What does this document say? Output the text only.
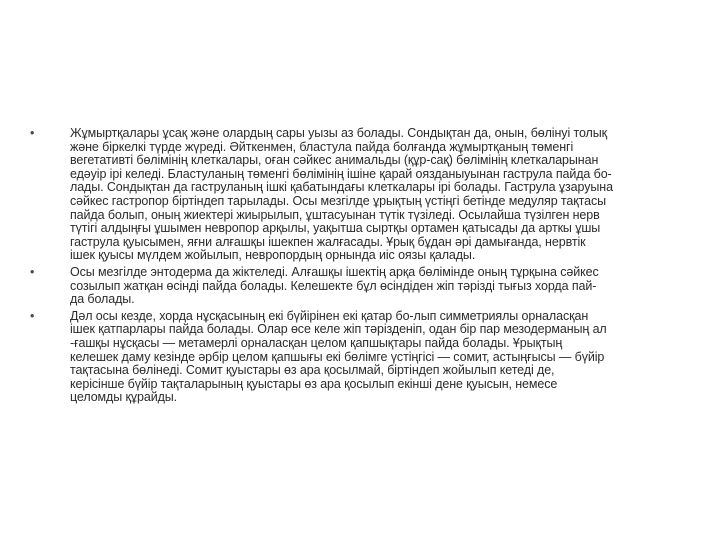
•	Жұмыртқалары ұсақ және олардың сары уызы аз болады. Сондықтан да, онын, бөлінуі толық
және біркелкі түрде жүреді. Әйткенмен, бластула пайда болғанда жұмыртқаның төменгі
вегетативті бөлімінің клеткалары, оған сәйкес анимальды (құр-сақ) бөлімінің клеткаларынан
едәуір ірі келеді. Бластуланың төменгі бөлімінің ішіне қарай оязданыуынан гаструла пайда бо-
лады. Сондықтан да гаструланың ішкі қабатындағы клеткалары ірі болады. Гаструла ұзаруына
сәйкес гастропор біртіндеп тарылады. Осы мезгілде ұрықтың үстіңгі бетінде медуляр тақтасы
пайда болып, оның жиектері жиырылып, ұштасуынан түтік түзіледі. Осылайша түзілген нерв
түтігі алдыңғы ұшымен невропор арқылы, уақытша сыртқы ортамен қатысады да арткы ұшы
гаструла қуысымен, яғни алғашқы ішекпен жалғасады. Ұрық бұдан әрі дамығанда, нервтік
ішек қуысы мүлдем жойылып, невропордың орнында иіс оязы қалады.
•	Осы мезгілде энтодерма да жіктеледі. Алғашқы ішектің арқа бөлімінде оның тұрқына сәйкес
созылып жатқан өсінді пайда болады. Келешекте бұл өсіндіден жіп тәрізді тығыз хорда пай-
да болады.
•	Дәл осы кезде, хорда нұсқасының екі бүйірінен екі қатар бо-лып симметриялы орналасқан
ішек қатпарлары пайда болады. Олар өсе келе жіп тәрізденіп, одан бір пар мезодерманың ал
-ғашқы нұсқасы — метамерлі орналасқан целом қапшықтары пайда болады. Ұрықтың
келешек даму кезінде әрбір целом қапшығы екі бөлімге үстіңгісі — сомит, астыңғысы — бүйір
тақтасына бөлінеді. Сомит қуыстары өз ара қосылмай, біртіндеп жойылып кетеді де,
керісінше бүйір тақталарының қуыстары өз ара қосылып екінші дене қуысын, немесе
целомды құрайды.
